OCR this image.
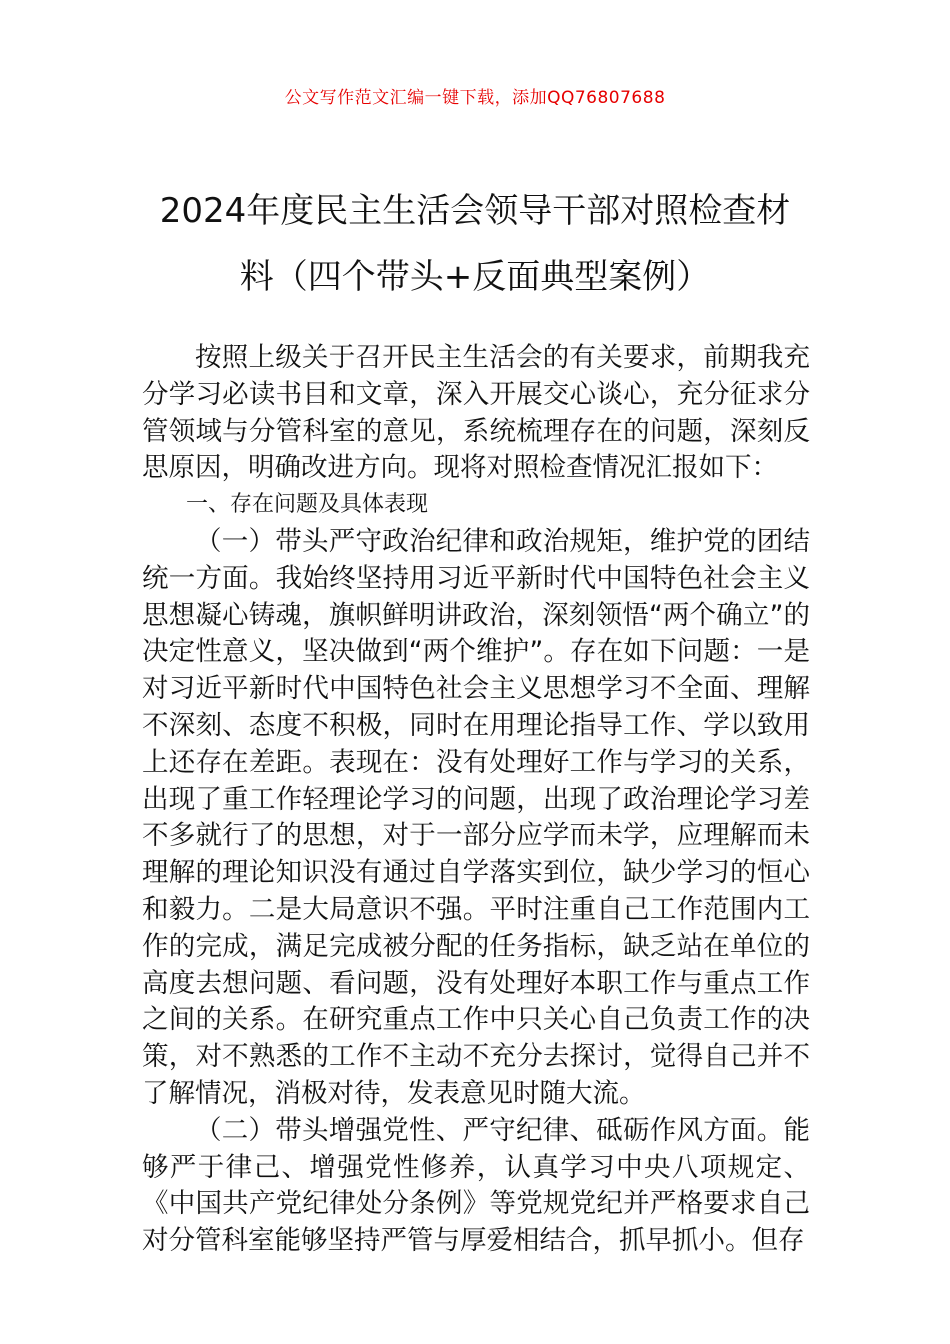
公文写作范文汇编一键下载，添加QQ76807688
2024年度民主生活会领导干部对照检查材
料（四个带头+反面典型案例）

按照上级关于召开民主生活会的有关要求，前期我充分学习必读书目和文章，深入开展交心谈心，充分征求分管领域与分管科室的意见，系统梳理存在的问题，深刻反思原因，明确改进方向。现将对照检查情况汇报如下：

一、存在问题及具体表现

（一）带头严守政治纪律和政治规矩，维护党的团结统一方面。我始终坚持用习近平新时代中国特色社会主义思想凝心铸魂，旗帜鲜明讲政治，深刻领悟“两个确立”的决定性意义，坚决做到“两个维护”。存在如下问题：一是对习近平新时代中国特色社会主义思想学习不全面、理解不深刻、态度不积极，同时在用理论指导工作、学以致用上还存在差距。表现在：没有处理好工作与学习的关系，出现了重工作轻理论学习的问题，出现了政治理论学习差不多就行了的思想，对于一部分应学而未学，应理解而未理解的理论知识没有通过自学落实到位，缺少学习的恒心和毅力。二是大局意识不强。平时注重自己工作范围内工作的完成，满足完成被分配的任务指标，缺乏站在单位的高度去想问题、看问题，没有处理好本职工作与重点工作之间的关系。在研究重点工作中只关心自己负责工作的决策，对不熟悉的工作不主动不充分去探讨，觉得自己并不了解情况，消极对待，发表意见时随大流。

（二）带头增强党性、严守纪律、砥砺作风方面。能够严于律己、增强党性修养，认真学习中央八项规定、《中国共产党纪律处分条例》等党规党纪并严格要求自己对分管科室能够坚持严管与厚爱相结合，抓早抓小。但存
